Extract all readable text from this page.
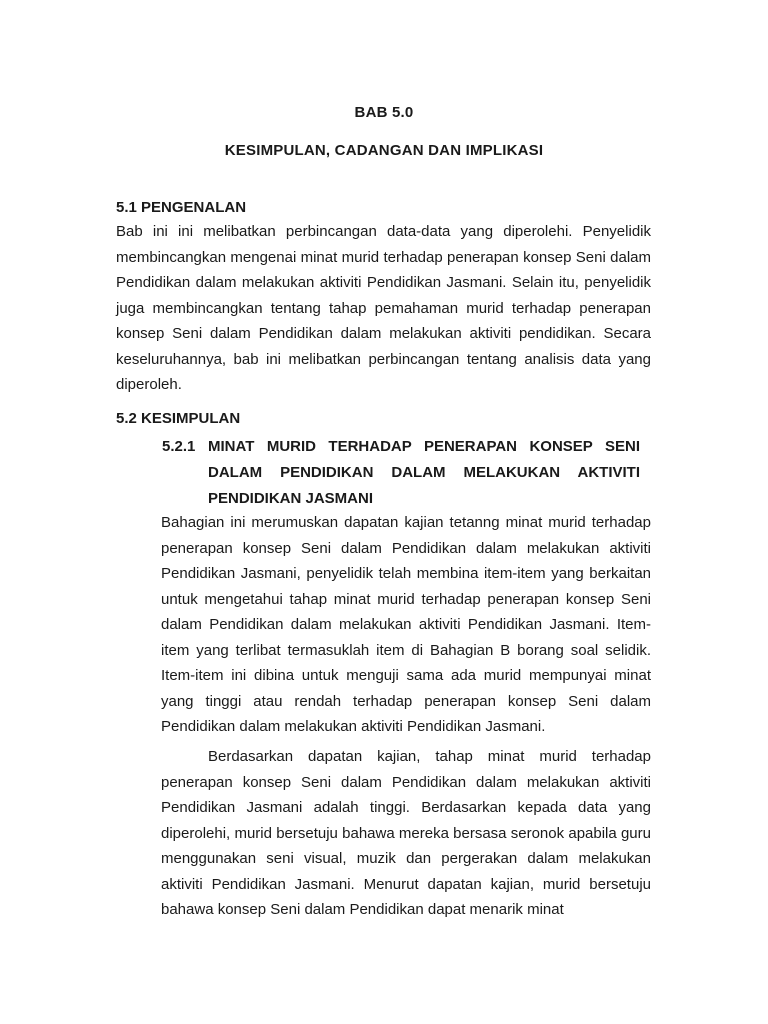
BAB 5.0
KESIMPULAN, CADANGAN DAN IMPLIKASI
5.1 PENGENALAN

Bab ini ini melibatkan perbincangan data-data yang diperolehi. Penyelidik membincangkan mengenai minat murid terhadap penerapan konsep Seni dalam Pendidikan dalam melakukan aktiviti Pendidikan Jasmani. Selain itu, penyelidik juga membincangkan tentang tahap pemahaman murid terhadap penerapan konsep Seni dalam Pendidikan dalam melakukan aktiviti pendidikan. Secara keseluruhannya, bab ini melibatkan perbincangan tentang analisis data yang diperoleh.

5.2 KESIMPULAN
5.2.1 MINAT MURID TERHADAP PENERAPAN KONSEP SENI
DALAM PENDIDIKAN DALAM MELAKUKAN AKTIVITI
PENDIDIKAN JASMANI

Bahagian ini merumuskan dapatan kajian tetanng minat murid terhadap penerapan konsep Seni dalam Pendidikan dalam melakukan aktiviti Pendidikan Jasmani, penyelidik telah membina item-item yang berkaitan untuk mengetahui tahap minat murid terhadap penerapan konsep Seni dalam Pendidikan dalam melakukan aktiviti Pendidikan Jasmani. Item-item yang terlibat termasuklah item di Bahagian B borang soal selidik. Item-item ini dibina untuk menguji sama ada murid mempunyai minat yang tinggi atau rendah terhadap penerapan konsep Seni dalam Pendidikan dalam melakukan aktiviti Pendidikan Jasmani.

Berdasarkan dapatan kajian, tahap minat murid terhadap penerapan konsep Seni dalam Pendidikan dalam melakukan aktiviti Pendidikan Jasmani adalah tinggi. Berdasarkan kepada data yang diperolehi, murid bersetuju bahawa mereka bersasa seronok apabila guru menggunakan seni visual, muzik dan pergerakan dalam melakukan aktiviti Pendidikan Jasmani. Menurut dapatan kajian, murid bersetuju bahawa konsep Seni dalam Pendidikan dapat menarik minat
